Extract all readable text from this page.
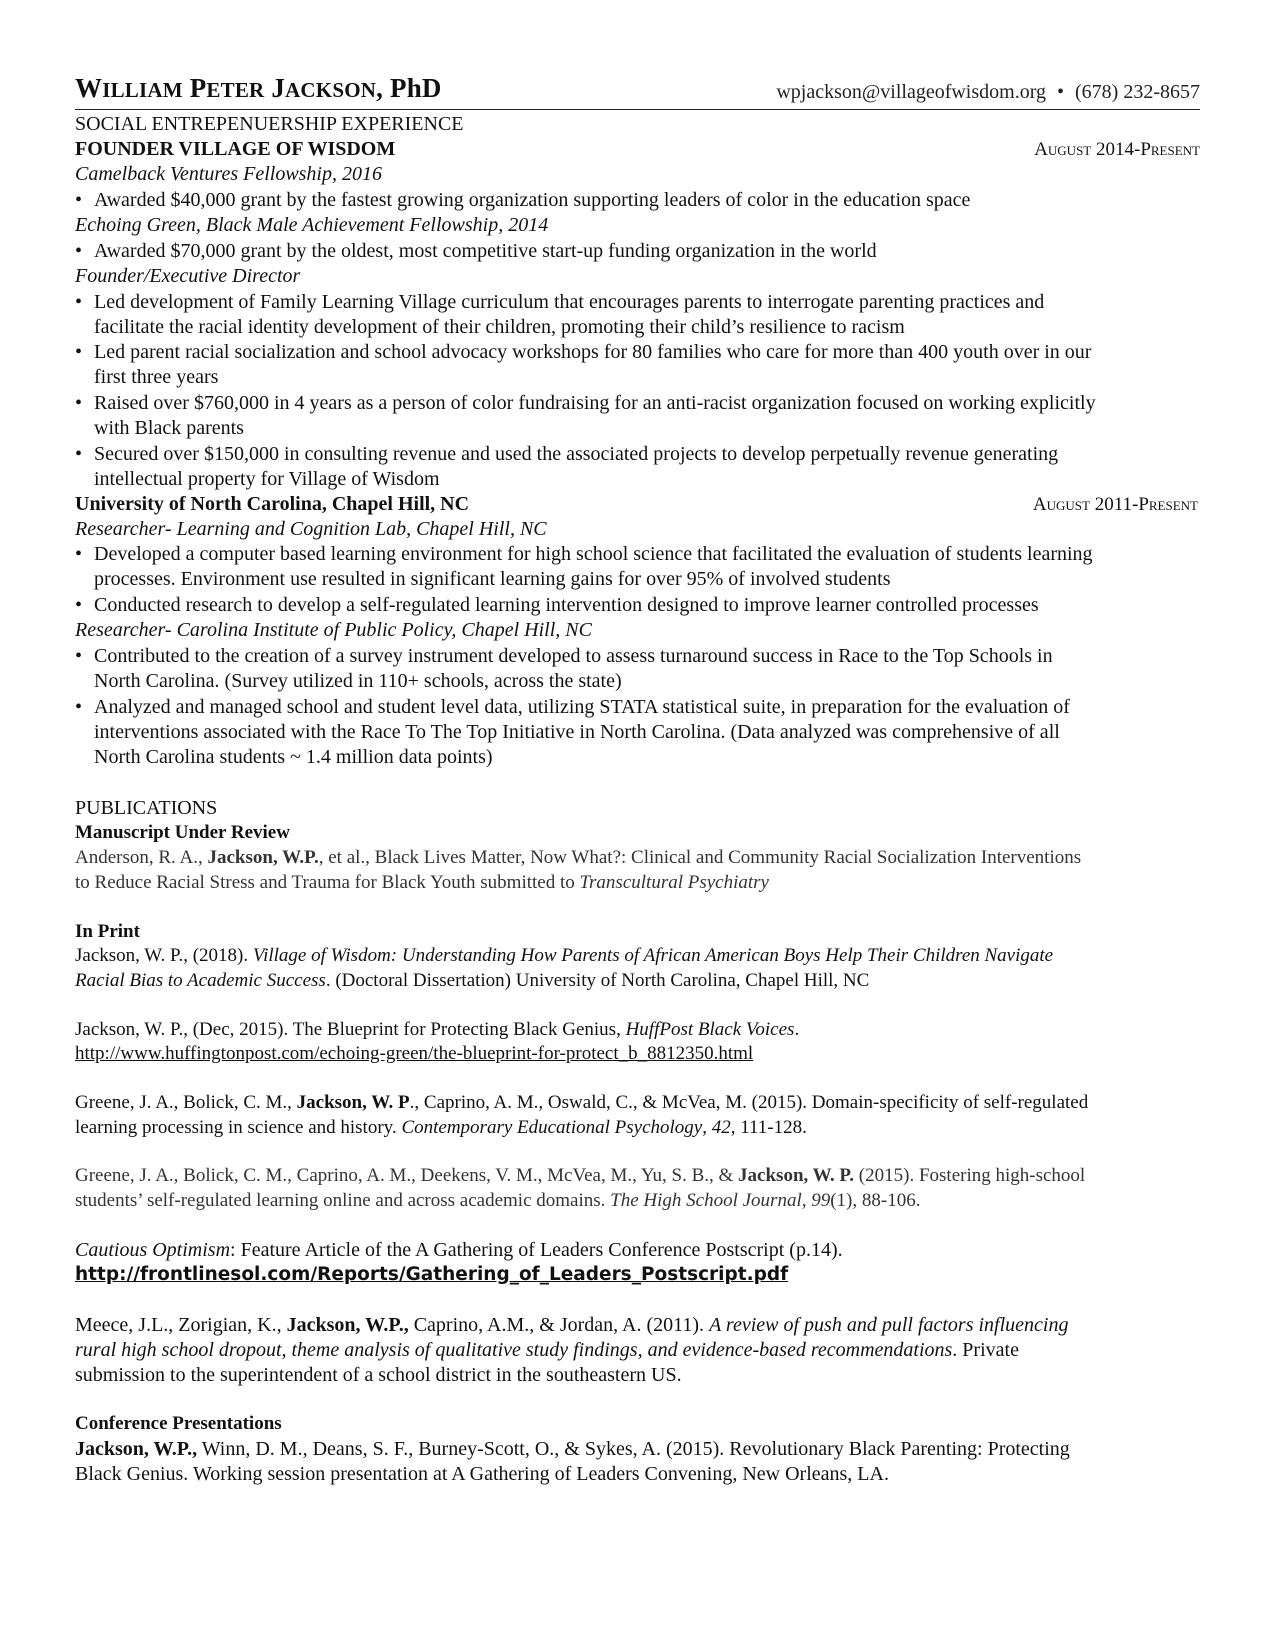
WILLIAM PETER JACKSON, PhD	wpjackson@villageofwisdom.org • (678) 232-8657
SOCIAL ENTREPENUERSHIP EXPERIENCE
FOUNDER VILLAGE OF WISDOM	August 2014-Present
Camelback Ventures Fellowship, 2016
• Awarded $40,000 grant by the fastest growing organization supporting leaders of color in the education space
Echoing Green, Black Male Achievement Fellowship, 2014
• Awarded $70,000 grant by the oldest, most competitive start-up funding organization in the world
Founder/Executive Director
• Led development of Family Learning Village curriculum that encourages parents to interrogate parenting practices and
facilitate the racial identity development of their children, promoting their child’s resilience to racism
• Led parent racial socialization and school advocacy workshops for 80 families who care for more than 400 youth over in our
first three years
• Raised over $760,000 in 4 years as a person of color fundraising for an anti-racist organization focused on working explicitly
with Black parents
• Secured over $150,000 in consulting revenue and used the associated projects to develop perpetually revenue generating
intellectual property for Village of Wisdom
University of North Carolina, Chapel Hill, NC	August 2011-Present
Researcher- Learning and Cognition Lab, Chapel Hill, NC
• Developed a computer based learning environment for high school science that facilitated the evaluation of students learning
processes. Environment use resulted in significant learning gains for over 95% of involved students
• Conducted research to develop a self-regulated learning intervention designed to improve learner controlled processes
Researcher- Carolina Institute of Public Policy, Chapel Hill, NC
• Contributed to the creation of a survey instrument developed to assess turnaround success in Race to the Top Schools in
North Carolina. (Survey utilized in 110+ schools, across the state)
• Analyzed and managed school and student level data, utilizing STATA statistical suite, in preparation for the evaluation of
interventions associated with the Race To The Top Initiative in North Carolina. (Data analyzed was comprehensive of all
North Carolina students ~ 1.4 million data points)
PUBLICATIONS
Manuscript Under Review
Anderson, R. A., Jackson, W.P., et al., Black Lives Matter, Now What?: Clinical and Community Racial Socialization Interventions
to Reduce Racial Stress and Trauma for Black Youth submitted to Transcultural Psychiatry
In Print
Jackson, W. P., (2018). Village of Wisdom: Understanding How Parents of African American Boys Help Their Children Navigate
Racial Bias to Academic Success. (Doctoral Dissertation) University of North Carolina, Chapel Hill, NC
Jackson, W. P., (Dec, 2015). The Blueprint for Protecting Black Genius, HuffPost Black Voices.
http://www.huffingtonpost.com/echoing-green/the-blueprint-for-protect_b_8812350.html
Greene, J. A., Bolick, C. M., Jackson, W. P., Caprino, A. M., Oswald, C., & McVea, M. (2015). Domain-specificity of self-regulated
learning processing in science and history. Contemporary Educational Psychology, 42, 111-128.
Greene, J. A., Bolick, C. M., Caprino, A. M., Deekens, V. M., McVea, M., Yu, S. B., & Jackson, W. P. (2015). Fostering high-school
students’ self-regulated learning online and across academic domains. The High School Journal, 99(1), 88-106.
Cautious Optimism: Feature Article of the A Gathering of Leaders Conference Postscript (p.14).
http://frontlinesol.com/Reports/Gathering_of_Leaders_Postscript.pdf
Meece, J.L., Zorigian, K., Jackson, W.P., Caprino, A.M., & Jordan, A. (2011). A review of push and pull factors influencing
rural high school dropout, theme analysis of qualitative study findings, and evidence-based recommendations. Private
submission to the superintendent of a school district in the southeastern US.
Conference Presentations
Jackson, W.P., Winn, D. M., Deans, S. F., Burney-Scott, O., & Sykes, A. (2015). Revolutionary Black Parenting: Protecting
Black Genius. Working session presentation at A Gathering of Leaders Convening, New Orleans, LA.
